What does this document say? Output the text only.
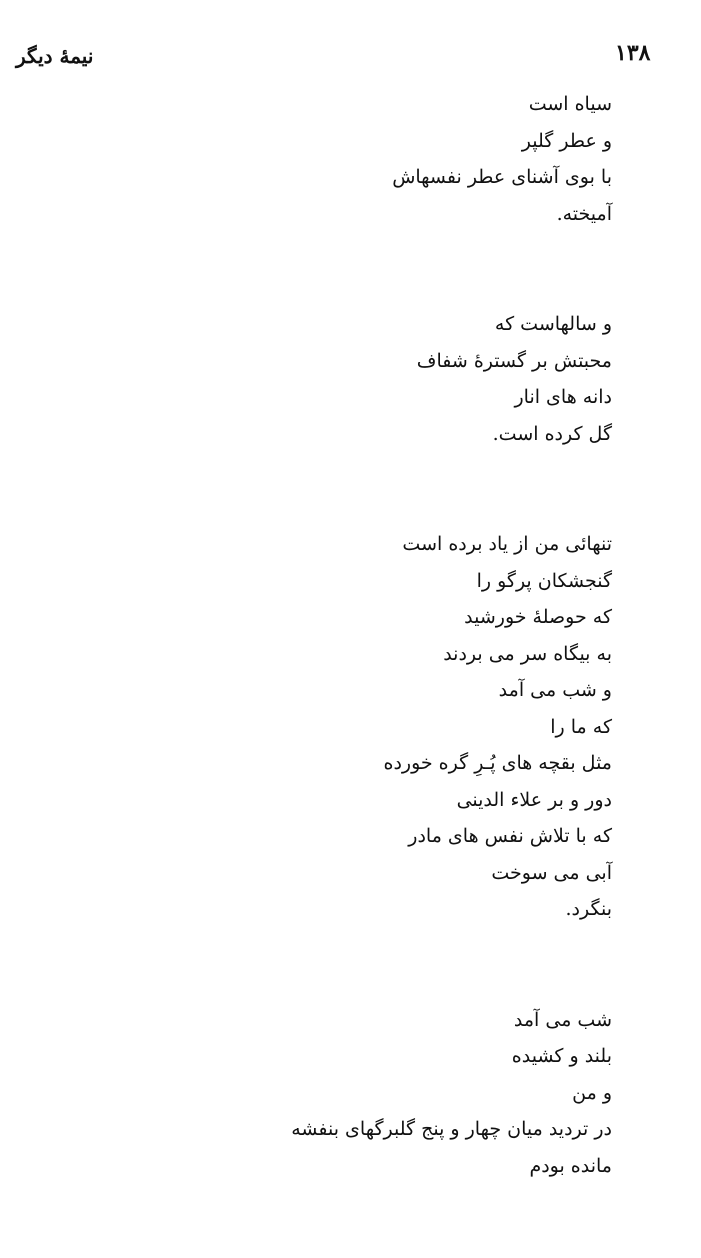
۱۳۸
نیمهٔ دیگر
سیاه است
و عطر گلپر
با بوی آشنای عطر نفسهاش
آمیخته.
و سالهاست که
محبتش بر گسترهٔ شفاف
دانه های انار
گل کرده است.
تنهائی من از یاد برده است
گنجشکان پرگو را
که حوصلهٔ خورشید
به بیگاه سر می بردند
و شب می آمد
که ما را
مثل بقچه های پُـرِ گره خورده
دور و بر علاء الدینی
که با تلاش نفس های مادر
آبی می سوخت
بنگرد.
شب می آمد
بلند و کشیده
و من
در تردید میان چهار و پنج گلبرگهای بنفشه
مانده بودم
